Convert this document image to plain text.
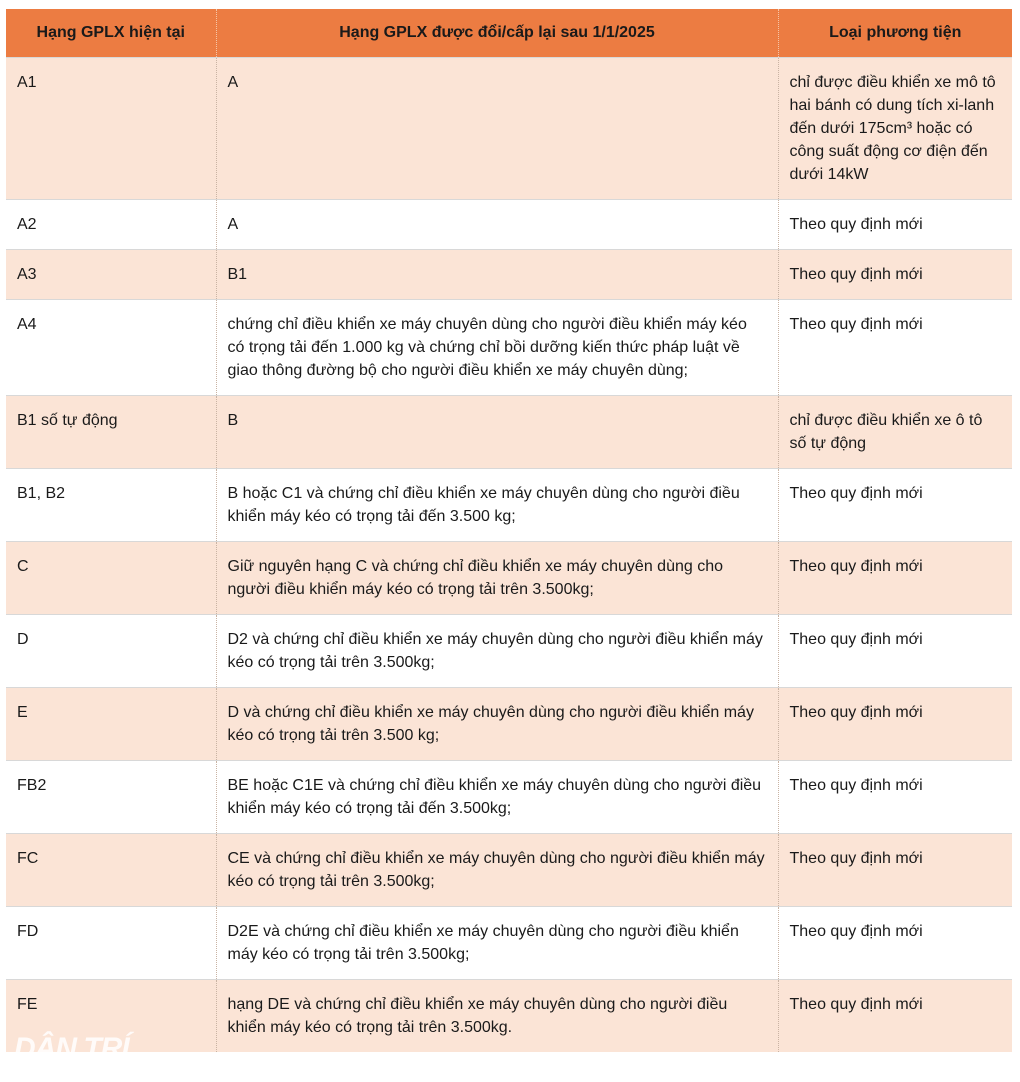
Hạng GPLX hiện tại	Hạng GPLX được đổi/cấp lại sau 1/1/2025	Loại phương tiện
A1	A	chỉ được điều khiển xe mô tô hai bánh có dung tích xi-lanh đến dưới 175cm³ hoặc có công suất động cơ điện đến dưới 14kW
A2	A	Theo quy định mới
A3	B1	Theo quy định mới
A4	chứng chỉ điều khiển xe máy chuyên dùng cho người điều khiển máy kéo có trọng tải đến 1.000 kg và chứng chỉ bồi dưỡng kiến thức pháp luật về giao thông đường bộ cho người điều khiển xe máy chuyên dùng;	Theo quy định mới
B1 số tự động	B	chỉ được điều khiển xe ô tô số tự động
B1, B2	B hoặc C1 và chứng chỉ điều khiển xe máy chuyên dùng cho người điều khiển máy kéo có trọng tải đến 3.500 kg;	Theo quy định mới
C	Giữ nguyên hạng C và chứng chỉ điều khiển xe máy chuyên dùng cho người điều khiển máy kéo có trọng tải trên 3.500kg;	Theo quy định mới
D	D2 và chứng chỉ điều khiển xe máy chuyên dùng cho người điều khiển máy kéo có trọng tải trên 3.500kg;	Theo quy định mới
E	D và chứng chỉ điều khiển xe máy chuyên dùng cho người điều khiển máy kéo có trọng tải trên 3.500 kg;	Theo quy định mới
FB2	BE hoặc C1E và chứng chỉ điều khiển xe máy chuyên dùng cho người điều khiển máy kéo có trọng tải đến 3.500kg;	Theo quy định mới
FC	CE và chứng chỉ điều khiển xe máy chuyên dùng cho người điều khiển máy kéo có trọng tải trên 3.500kg;	Theo quy định mới
FD	D2E và chứng chỉ điều khiển xe máy chuyên dùng cho người điều khiển máy kéo có trọng tải trên 3.500kg;	Theo quy định mới
FE	hạng DE và chứng chỉ điều khiển xe máy chuyên dùng cho người điều khiển máy kéo có trọng tải trên 3.500kg.	Theo quy định mới
DÂN TRÍ
